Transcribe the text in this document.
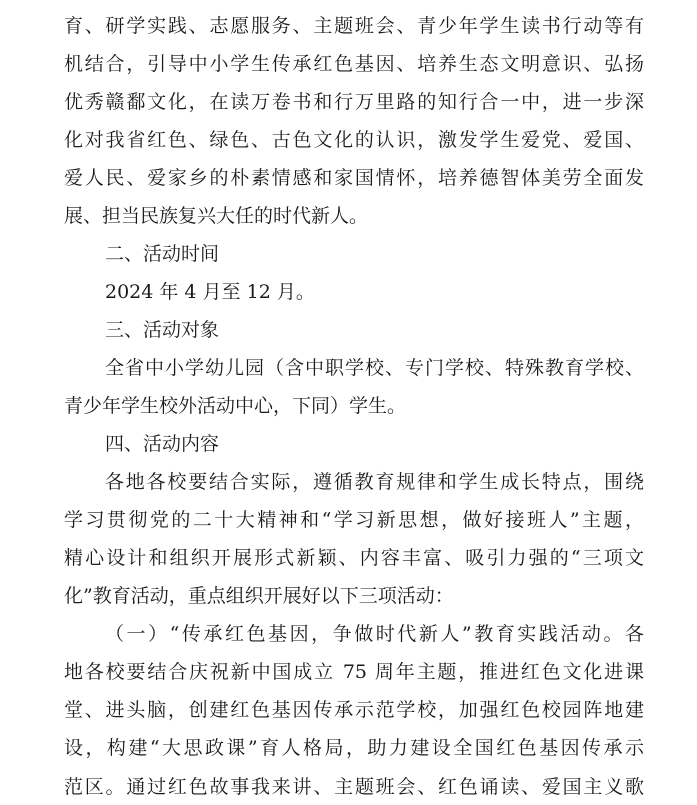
育、研学实践、志愿服务、主题班会、青少年学生读书行动等有
机结合，引导中小学生传承红色基因、培养生态文明意识、弘扬
优秀赣鄱文化，在读万卷书和行万里路的知行合一中，进一步深
化对我省红色、绿色、古色文化的认识，激发学生爱党、爱国、
爱人民、爱家乡的朴素情感和家国情怀，培养德智体美劳全面发
展、担当民族复兴大任的时代新人。
二、活动时间
2024 年 4 月至 12 月。
三、活动对象
全省中小学幼儿园（含中职学校、专门学校、特殊教育学校、
青少年学生校外活动中心，下同）学生。
四、活动内容
各地各校要结合实际，遵循教育规律和学生成长特点，围绕
学习贯彻党的二十大精神和“学习新思想，做好接班人”主题，
精心设计和组织开展形式新颖、内容丰富、吸引力强的“三项文
化”教育活动，重点组织开展好以下三项活动：
（一）“传承红色基因，争做时代新人”教育实践活动。各
地各校要结合庆祝新中国成立 75 周年主题，推进红色文化进课
堂、进头脑，创建红色基因传承示范学校，加强红色校园阵地建
设，构建“大思政课”育人格局，助力建设全国红色基因传承示
范区。通过红色故事我来讲、主题班会、红色诵读、爱国主义歌
